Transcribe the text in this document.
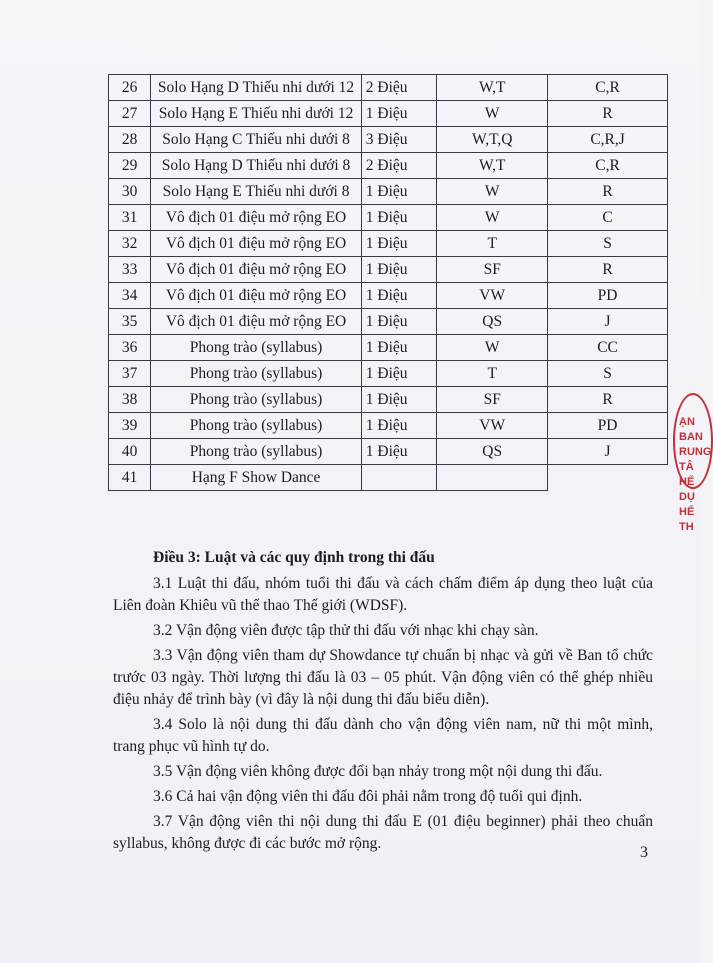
26	Solo Hạng D Thiếu nhi dưới 12	2 Điệu	W,T	C,R
27	Solo Hạng E Thiếu nhi dưới 12	1 Điệu	W	R
28	Solo Hạng C Thiếu nhi dưới 8	3 Điệu	W,T,Q	C,R,J
29	Solo Hạng D Thiếu nhi dưới 8	2 Điệu	W,T	C,R
30	Solo Hạng E Thiếu nhi dưới 8	1 Điệu	W	R
31	Vô địch 01 điệu mở rộng EO	1 Điệu	W	C
32	Vô địch 01 điệu mở rộng EO	1 Điệu	T	S
33	Vô địch 01 điệu mở rộng EO	1 Điệu	SF	R
34	Vô địch 01 điệu mở rộng EO	1 Điệu	VW	PD
35	Vô địch 01 điệu mở rộng EO	1 Điệu	QS	J
36	Phong trào (syllabus)	1 Điệu	W	CC
37	Phong trào (syllabus)	1 Điệu	T	S
38	Phong trào (syllabus)	1 Điệu	SF	R
39	Phong trào (syllabus)	1 Điệu	VW	PD
40	Phong trào (syllabus)	1 Điệu	QS	J
41	Hạng F Show Dance			
Điều 3: Luật và các quy định trong thi đấu
3.1 Luật thi đấu, nhóm tuổi thi đấu và cách chấm điểm áp dụng theo luật của Liên đoàn Khiêu vũ thể thao Thế giới (WDSF).
3.2 Vận động viên được tập thử thi đấu với nhạc khi chạy sàn.
3.3 Vận động viên tham dự Showdance tự chuẩn bị nhạc và gửi về Ban tổ chức trước 03 ngày. Thời lượng thi đấu là 03 – 05 phút. Vận động viên có thể ghép nhiều điệu nhảy để trình bày (vì đây là nội dung thi đấu biểu diễn).
3.4 Solo là nội dung thi đấu dành cho vận động viên nam, nữ thi một mình, trang phục vũ hình tự do.
3.5 Vận động viên không được đổi bạn nhảy trong một nội dung thi đấu.
3.6 Cả hai vận động viên thi đấu đôi phải nằm trong độ tuổi qui định.
3.7 Vận động viên thi nội dung thi đấu E (01 điệu beginner) phải theo chuẩn syllabus, không được đi các bước mở rộng.
3
ẠN BAN
RUNG TÂ
HỂ DỤ
HỂ TH
